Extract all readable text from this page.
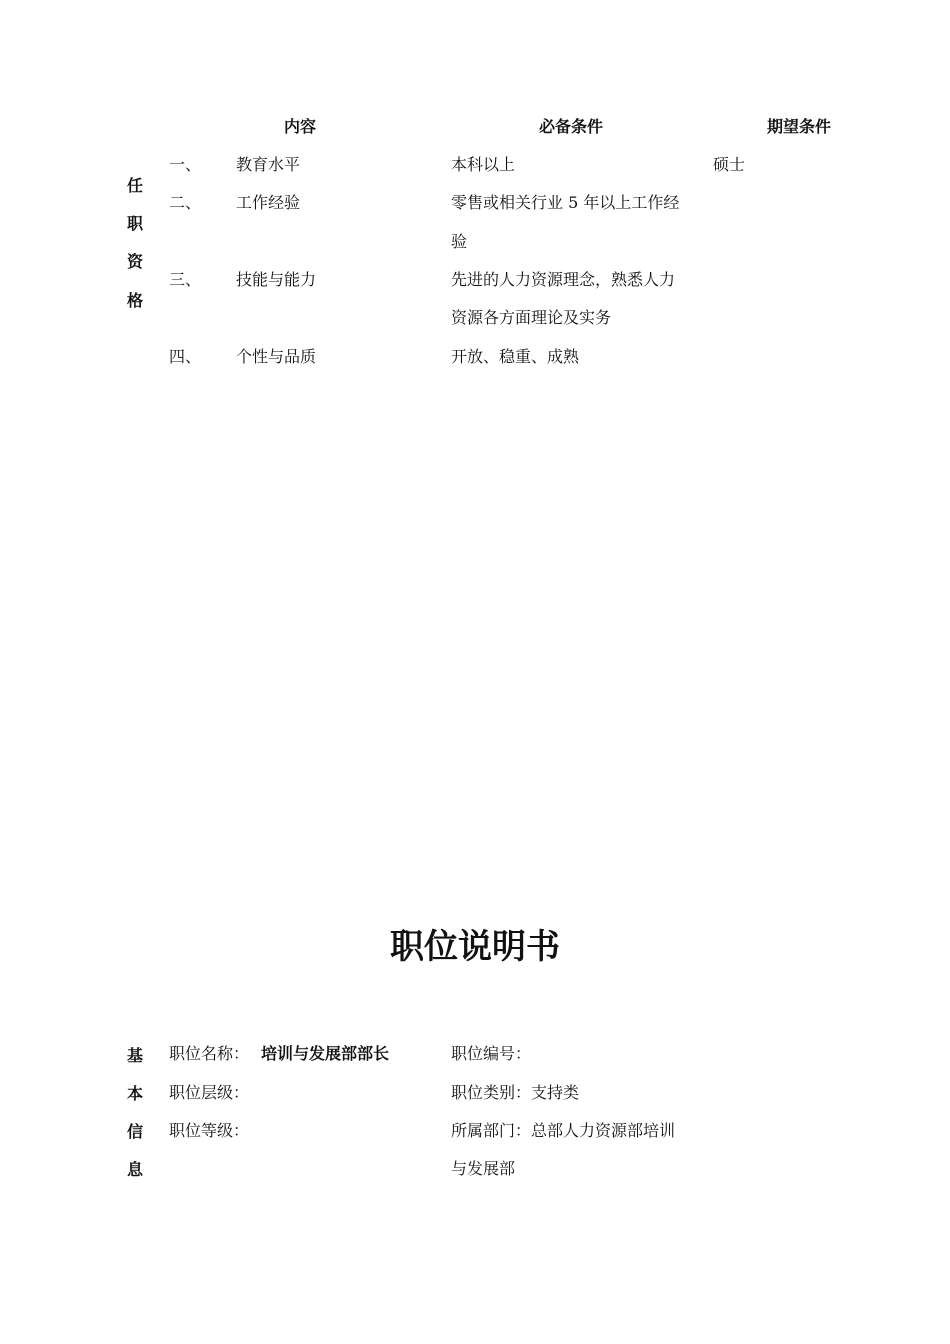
内容	必备条件	期望条件
任
职
资
格
一、 教育水平	本科以上	硕士
二、 工作经验	零售或相关行业 5 年以上工作经
验
三、 技能与能力	先进的人力资源理念，熟悉人力
资源各方面理论及实务
四、 个性与品质	开放、稳重、成熟
职位说明书
基
本
信
息
职位名称： 培训与发展部部长	职位编号：
职位层级：	职位类别：支持类
职位等级：	所属部门：总部人力资源部培训
与发展部
